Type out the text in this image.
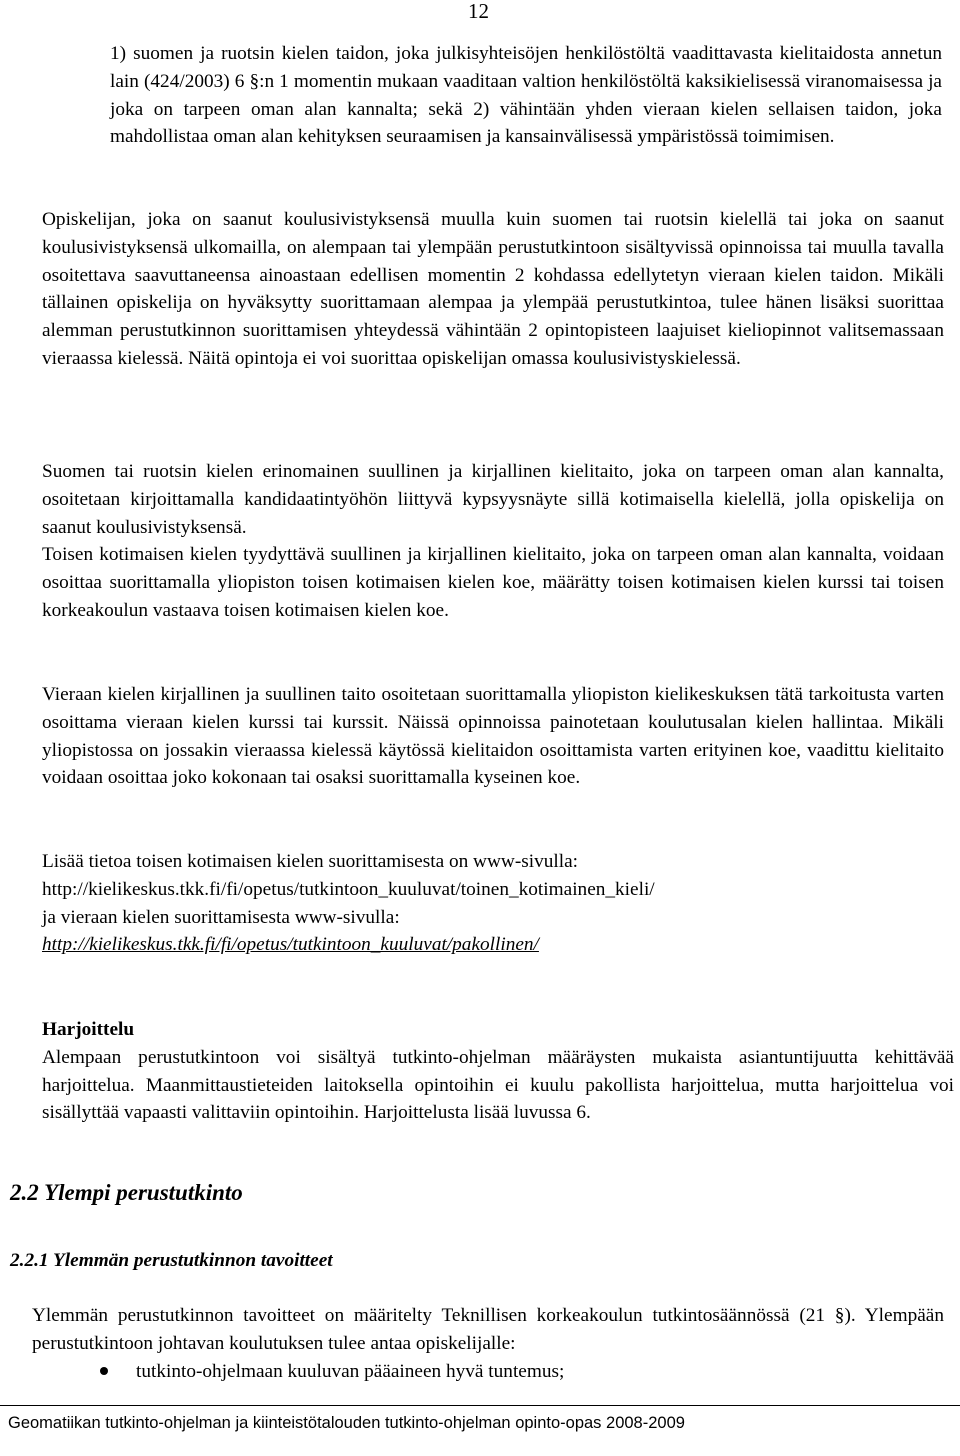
12

1) suomen ja ruotsin kielen taidon, joka julkisyhteisöjen henkilöstöltä vaadittavasta kielitaidosta annetun lain (424/2003) 6 §:n 1 momentin mukaan vaaditaan valtion henkilöstöltä kaksikielisessä viranomaisessa ja joka on tarpeen oman alan kannalta; sekä 2) vähintään yhden vieraan kielen sellaisen taidon, joka mahdollistaa oman alan kehityksen seuraamisen ja kansainvälisessä ympäristössä toimimisen.

Opiskelijan, joka on saanut koulusivistyksensä muulla kuin suomen tai ruotsin kielellä tai joka on saanut koulusivistyksensä ulkomailla, on alempaan tai ylempään perustutkintoon sisältyvissä opinnoissa tai muulla tavalla osoitettava saavuttaneensa ainoastaan edellisen momentin 2 kohdassa edellytetyn vieraan kielen taidon. Mikäli tällainen opiskelija on hyväksytty suorittamaan alempaa ja ylempää perustutkintoa, tulee hänen lisäksi suorittaa alemman perustutkinnon suorittamisen yhteydessä vähintään 2 opintopisteen laajuiset kieliopinnot valitsemassaan vieraassa kielessä. Näitä opintoja ei voi suorittaa opiskelijan omassa koulusivistyskielessä.

Suomen tai ruotsin kielen erinomainen suullinen ja kirjallinen kielitaito, joka on tarpeen oman alan kannalta, osoitetaan kirjoittamalla kandidaatintyöhön liittyvä kypsyysnäyte sillä kotimaisella kielellä, jolla opiskelija on saanut koulusivistyksensä.

Toisen kotimaisen kielen tyydyttävä suullinen ja kirjallinen kielitaito, joka on tarpeen oman alan kannalta, voidaan osoittaa suorittamalla yliopiston toisen kotimaisen kielen koe, määrätty toisen kotimaisen kielen kurssi tai toisen korkeakoulun vastaava toisen kotimaisen kielen koe.

Vieraan kielen kirjallinen ja suullinen taito osoitetaan suorittamalla yliopiston kielikeskuksen tätä tarkoitusta varten osoittama vieraan kielen kurssi tai kurssit. Näissä opinnoissa painotetaan koulutusalan kielen hallintaa. Mikäli yliopistossa on jossakin vieraassa kielessä käytössä kielitaidon osoittamista varten erityinen koe, vaadittu kielitaito voidaan osoittaa joko kokonaan tai osaksi suorittamalla kyseinen koe.

Lisää tietoa toisen kotimaisen kielen suorittamisesta on www-sivulla:
http://kielikeskus.tkk.fi/fi/opetus/tutkintoon_kuuluvat/toinen_kotimainen_kieli/
ja vieraan kielen suorittamisesta www-sivulla:
http://kielikeskus.tkk.fi/fi/opetus/tutkintoon_kuuluvat/pakollinen/
Harjoittelu
Alempaan perustutkintoon voi sisältyä tutkinto-ohjelman määräysten mukaista asiantuntijuutta kehittävää harjoittelua. Maanmittaustieteiden laitoksella opintoihin ei kuulu pakollista harjoittelua, mutta harjoittelua voi sisällyttää vapaasti valittaviin opintoihin. Harjoittelusta lisää luvussa 6.
2.2 Ylempi perustutkinto
2.2.1 Ylemmän perustutkinnon tavoitteet

Ylemmän perustutkinnon tavoitteet on määritelty Teknillisen korkeakoulun tutkintosäännössä (21 §). Ylempään perustutkintoon johtavan koulutuksen tulee antaa opiskelijalle:

tutkinto-ohjelmaan kuuluvan pääaineen hyvä tuntemus;
Geomatiikan tutkinto-ohjelman ja kiinteistötalouden tutkinto-ohjelman opinto-opas 2008-2009
